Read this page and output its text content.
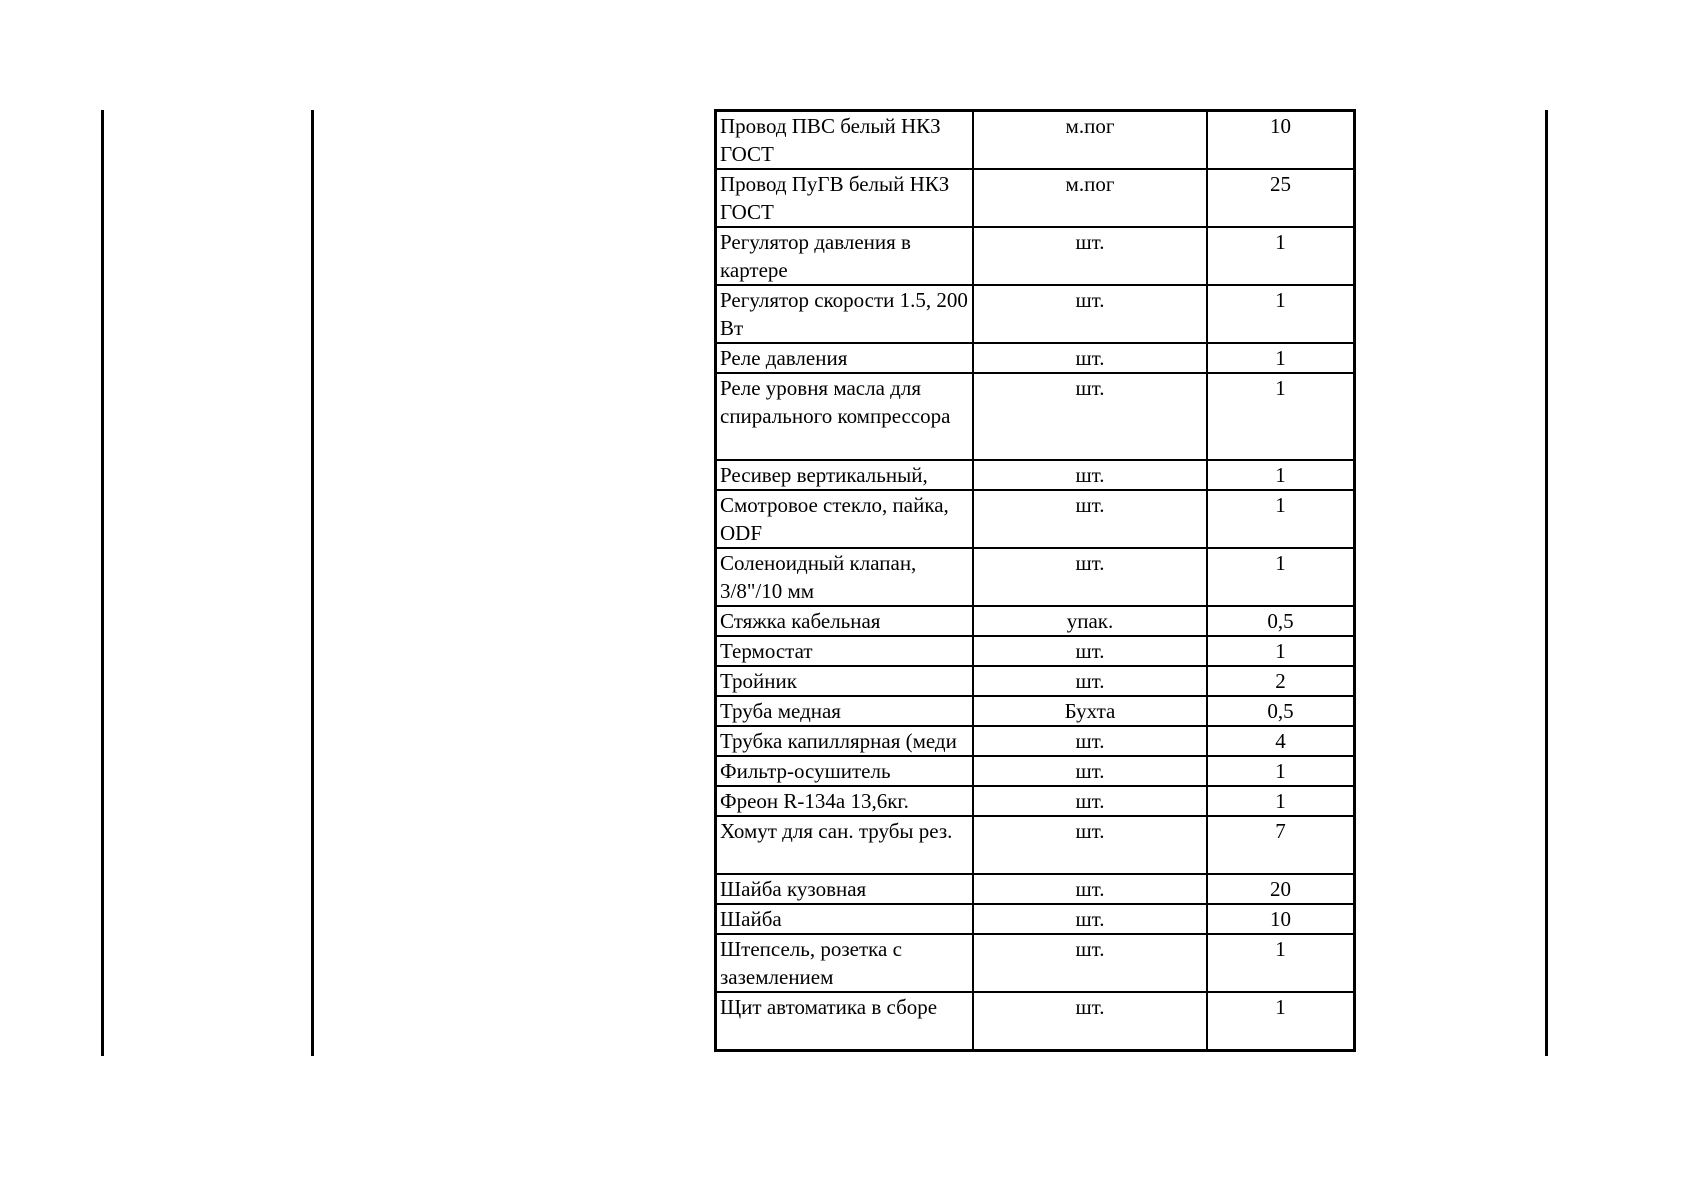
Провод ПВС белый НКЗ ГОСТ	м.пог	10
Провод ПуГВ белый НКЗ ГОСТ	м.пог	25
Регулятор давления в картере	шт.	1
Регулятор скорости 1.5, 200 Вт	шт.	1
Реле давления	шт.	1
Реле уровня масла для спирального компрессора	шт.	1
Ресивер вертикальный,	шт.	1
Смотровое стекло, пайка, ODF	шт.	1
Соленоидный клапан, 3/8"/10 мм	шт.	1
Стяжка кабельная	упак.	0,5
Термостат	шт.	1
Тройник	шт.	2
Труба медная	Бухта	0,5
Трубка капиллярная (меди	шт.	4
Фильтр-осушитель	шт.	1
Фреон R-134a 13,6кг.	шт.	1
Хомут для сан. трубы рез.	шт.	7
Шайба кузовная	шт.	20
Шайба	шт.	10
Штепсель, розетка с заземлением	шт.	1
Щит автоматика в сборе	шт.	1
